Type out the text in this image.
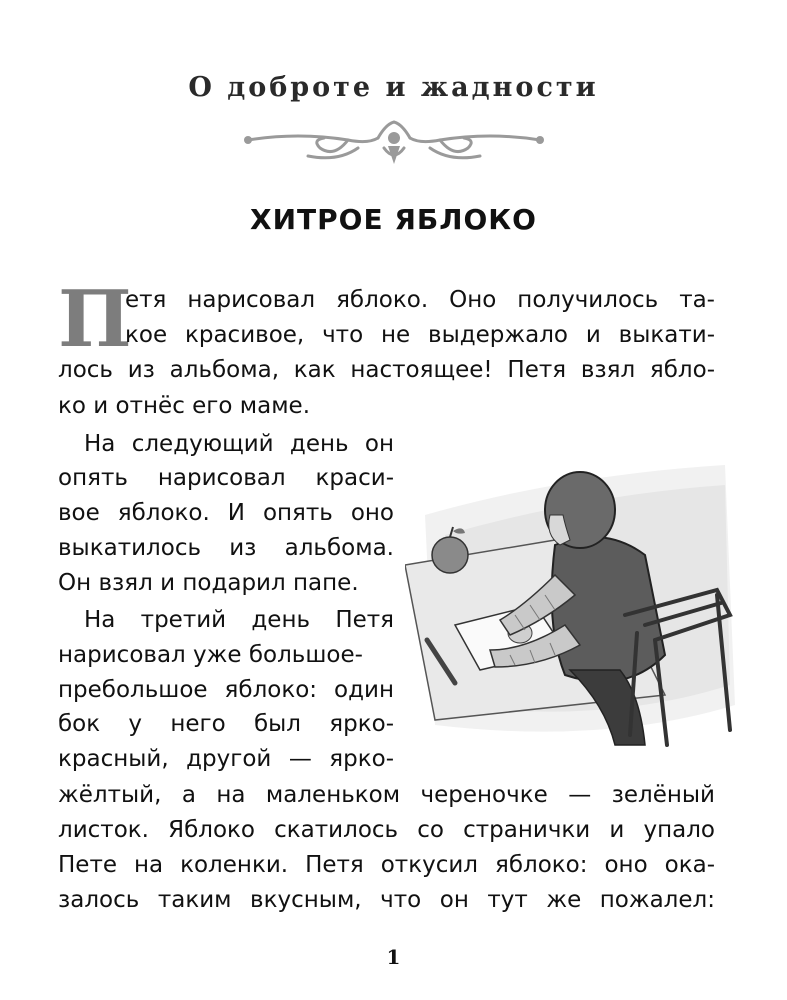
О доброте и жадности
ХИТРОЕ ЯБЛОКО
П
етя нарисовал яблоко. Оно получилось та-
кое красивое, что не выдержало и выкати-
лось из альбома, как настоящее! Петя взял ябло-
ко и отнёс его маме.
На следующий день он
опять нарисовал краси-
вое яблоко. И опять оно
выкатилось из альбома.
Он взял и подарил папе.
На третий день Петя
нарисовал уже большое-
пребольшое яблоко: один
бок у него был ярко-
красный, другой — ярко-
жёлтый, а на маленьком череночке — зелёный
листок. Яблоко скатилось со странички и упало
Пете на коленки. Петя откусил яблоко: оно ока-
залось таким вкусным, что он тут же пожалел:
1
